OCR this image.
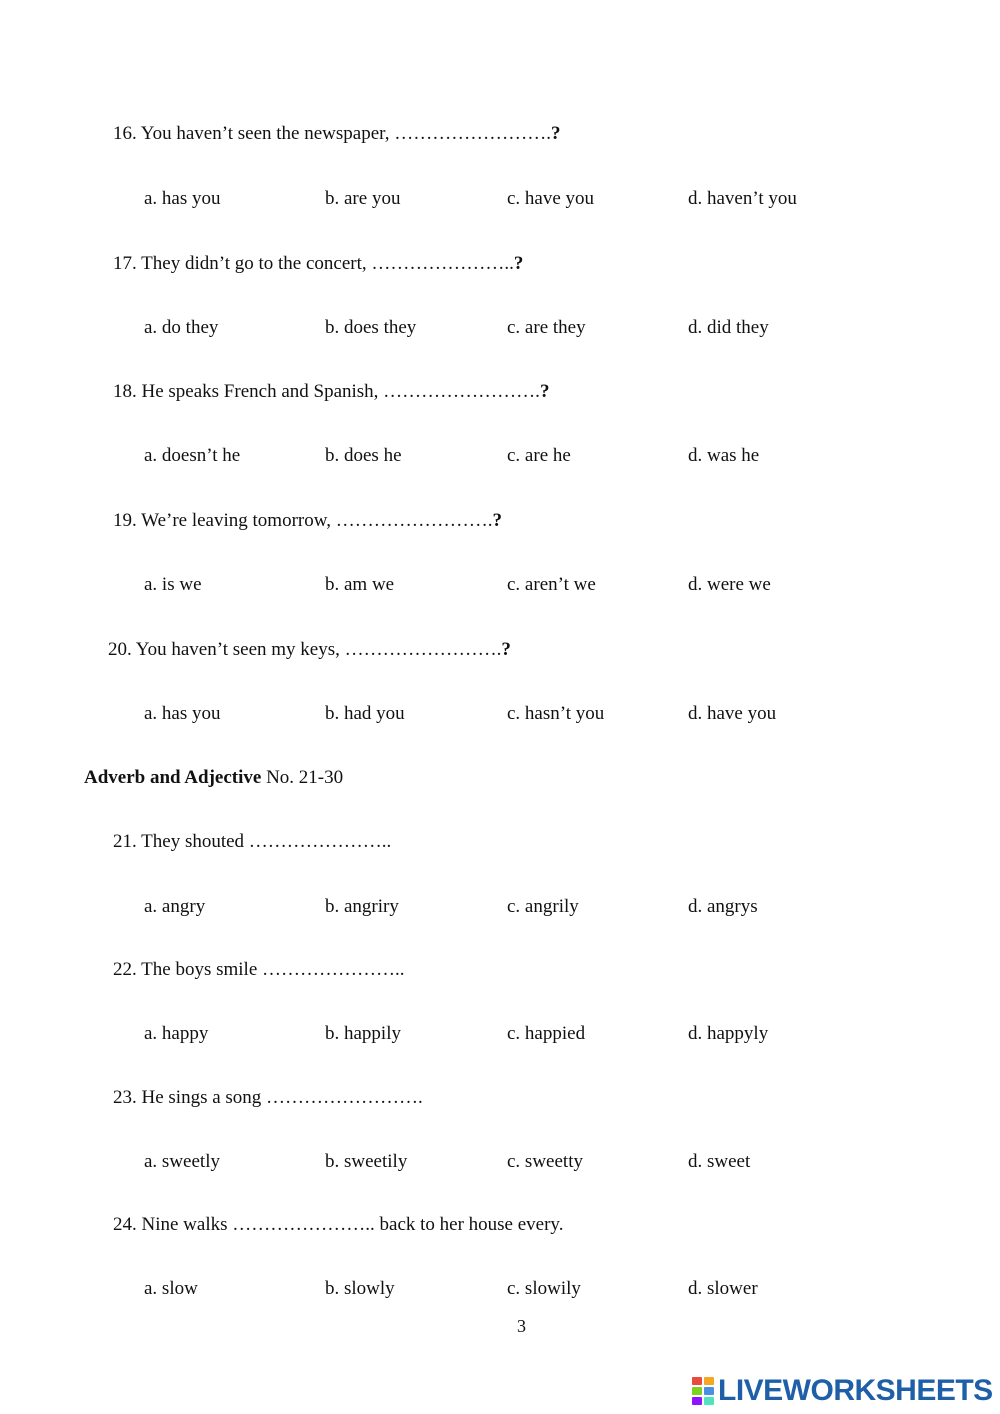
16. You haven’t seen the newspaper, …………………….?
a. has you	b. are you	c. have you	d. haven’t you
17. They didn’t go to the concert, …………………..?
a. do they	b. does they	c. are they	d. did they
18. He speaks French and Spanish, …………………….?
a. doesn’t he	b. does he	c. are he	d. was he
19. We’re leaving tomorrow, …………………….?
a. is we	b. am we	c. aren’t we	d. were we
20. You haven’t seen my keys, …………………….?
a. has you	b. had you	c. hasn’t you	d. have you
Adverb and Adjective No. 21-30
21. They shouted …………………..
a. angry	b. angriry	c. angrily	d. angrys
22. The boys smile …………………..
a. happy	b. happily	c. happied	d. happyly
23. He sings a song …………………….
a. sweetly	b. sweetily	c. sweetty	d. sweet
24. Nine walks ………………….. back to her house every.
a. slow	b. slowly	c. slowily	d. slower
3
LIVEWORKSHEETS
